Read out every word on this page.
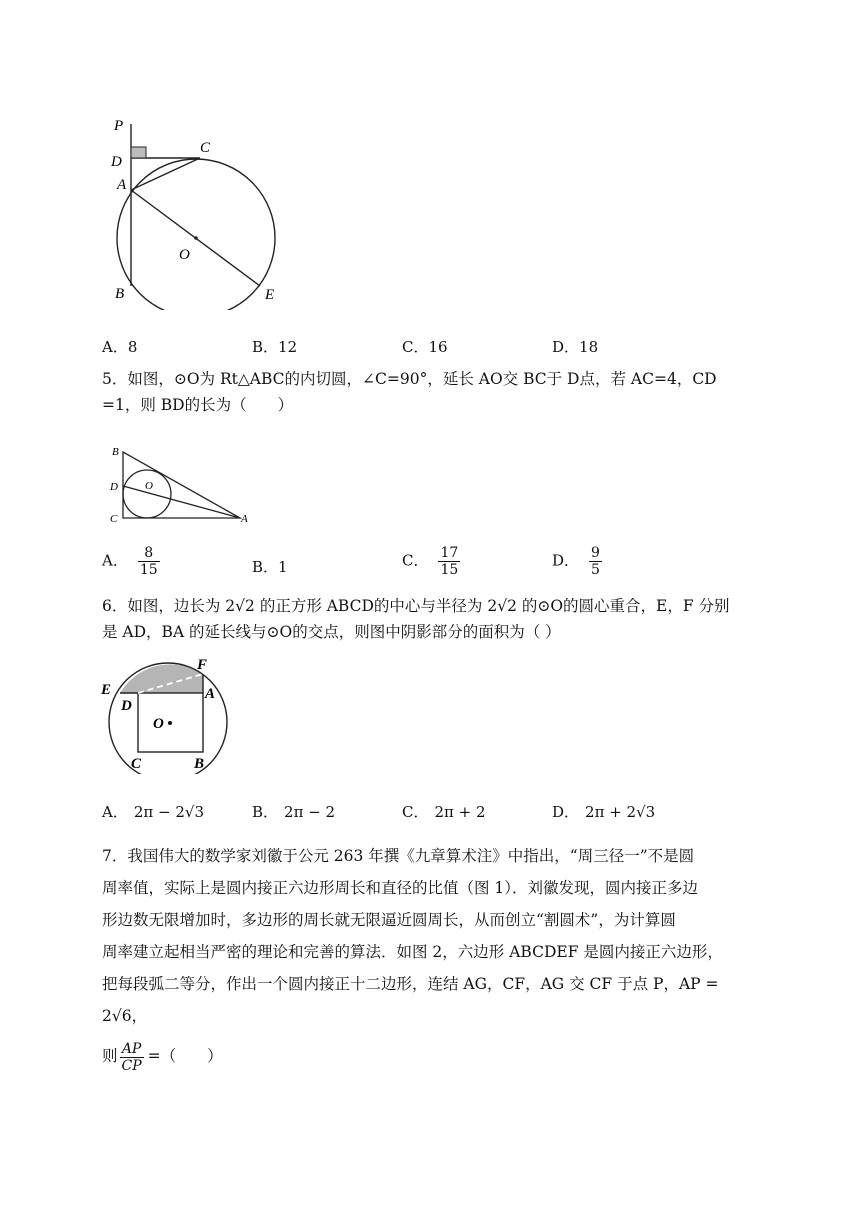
P
D
C
A
O
B	E
A．8	B．12	C．16	D．18
5．如图，⊙O为 Rt△ABC的内切圆，∠C=90°，延长 AO交 BC于 D点，若 AC=4，CD
=1，则 BD的长为（　　）
B
D
C
O
A
A． $\frac{8}{15}$	B．1	C． $\frac{17}{15}$	D． $\frac{9}{5}$
6．如图，边长为 2√2 的正方形 ABCD的中心与半径为 2√2 的⊙O的圆心重合，E，F 分别
是 AD，BA 的延长线与⊙O的交点，则图中阴影部分的面积为（ ）
E
F
D
A
O
C	B
A． 2π − 2√3	B． 2π − 2	C． 2π + 2	D． 2π + 2√3
7．我国伟大的数学家刘徽于公元 263 年撰《九章算术注》中指出，“周三径一”不是圆
周率值，实际上是圆内接正六边形周长和直径的比值（图 1）．刘徽发现，圆内接正多边
形边数无限增加时，多边形的周长就无限逼近圆周长，从而创立“割圆术”，为计算圆
周率建立起相当严密的理论和完善的算法．如图 2，六边形 ABCDEF 是圆内接正六边形，
把每段弧二等分，作出一个圆内接正十二边形，连结 AG，CF，AG 交 CF 于点 P，AP = 2√6，
则 $\frac{AP}{CP}$ =（　　）
